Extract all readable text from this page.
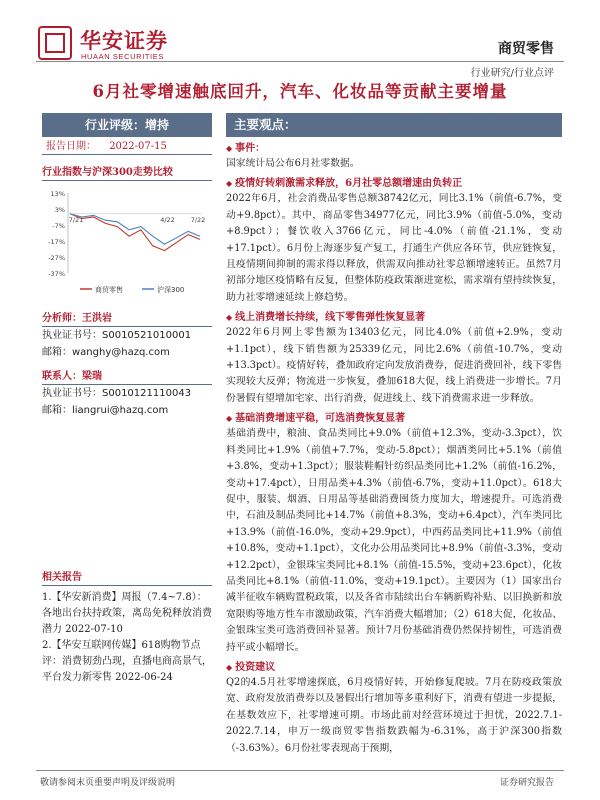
华安证券
HUAAN SECURITIES	商贸零售
行业研究/行业点评
6月社零增速触底回升，汽车、化妆品等贡献主要增量
行业评级：增持
报告日期： 2022-07-15
行业指数与沪深300走势比较
13%
3%
-7%
-17%
-27%
-37%
7/21	4/22 7/22
商贸零售	沪深300
分析师：王洪岩
执业证书号：S0010521010001
邮箱：wanghy@hazq.com
联系人：梁瑞
执业证书号：S0010121110043
邮箱：liangrui@hazq.com
相关报告
1.【华安新消费】周报（7.4~7.8）：各地出台扶持政策，离岛免税释放消费潜力 2022-07-10
2.【华安互联网传媒】618购物节点评：消费韧劲凸现，直播电商高景气，平台发力新零售 2022-06-24
主要观点：
◆ 事件：
国家统计局公布6月社零数据。
◆ 疫情好转刺激需求释放，6月社零总额增速由负转正
2022年6月，社会消费品零售总额38742亿元，同比3.1%（前值-6.7%，变动+9.8pct）。其中，商品零售34977亿元，同比3.9%（前值-5.0%，变动+8.9pct）；餐饮收入3766亿元，同比-4.0%（前值-21.1%，变动+17.1pct）。6月份上海逐步复产复工，打通生产供应各环节，供应链恢复，且疫情期间抑制的需求得以释放，供需双向推动社零总额增速转正。虽然7月初部分地区疫情略有反复，但整体防疫政策渐进宽松，需求端有望持续恢复，助力社零增速延续上修趋势。
◆ 线上消费增长持续，线下零售弹性恢复显著
2022年6月网上零售额为13403亿元，同比4.0%（前值+2.9%，变动+1.1pct），线下销售额为25339亿元，同比2.6%（前值-10.7%，变动+13.3pct）。疫情好转，叠加政府定向发放消费券，促进消费回补，线下零售实现较大反弹；物流进一步恢复，叠加618大促，线上消费进一步增长。7月份暑假有望增加宅家、出行消费，促进线上、线下消费需求进一步释放。
◆ 基础消费增速平稳，可选消费恢复显著
基础消费中，粮油、食品类同比+9.0%（前值+12.3%，变动-3.3pct），饮料类同比+1.9%（前值+7.7%，变动-5.8pct）；烟酒类同比+5.1%（前值+3.8%，变动+1.3pct）；服装鞋帽针纺织品类同比+1.2%（前值-16.2%，变动+17.4pct），日用品类+4.3%（前值-6.7%，变动+11.0pct）。618大促中，服装、烟酒、日用品等基础消费囤货力度加大，增速提升。可选消费中，石油及制品类同比+14.7%（前值+8.3%，变动+6.4pct），汽车类同比+13.9%（前值-16.0%，变动+29.9pct），中西药品类同比+11.9%（前值+10.8%，变动+1.1pct），文化办公用品类同比+8.9%（前值-3.3%，变动+12.2pct），金银珠宝类同比+8.1%（前值-15.5%，变动+23.6pct），化妆品类同比+8.1%（前值-11.0%，变动+19.1pct）。主要因为（1）国家出台减半征收车辆购置税政策，以及各省市陆续出台车辆新购补贴、以旧换新和放宽限购等地方性车市激励政策，汽车消费大幅增加；（2）618大促，化妆品、金银珠宝类可选消费回补显著。预计7月份基础消费仍然保持韧性，可选消费持平或小幅增长。
◆ 投资建议
Q2的4.5月社零增速探底，6月疫情好转，开始修复爬坡。7月在防疫政策放宽、政府发放消费券以及暑假出行增加等多重利好下，消费有望进一步提振，在基数效应下，社零增速可期。市场此前对经营环境过于担忧，2022.7.1-2022.7.14，申万一级商贸零售指数跌幅为-6.31%，高于沪深300指数（-3.63%）。6月份社零表现高于预期，
敬请参阅末页重要声明及评级说明	证券研究报告
